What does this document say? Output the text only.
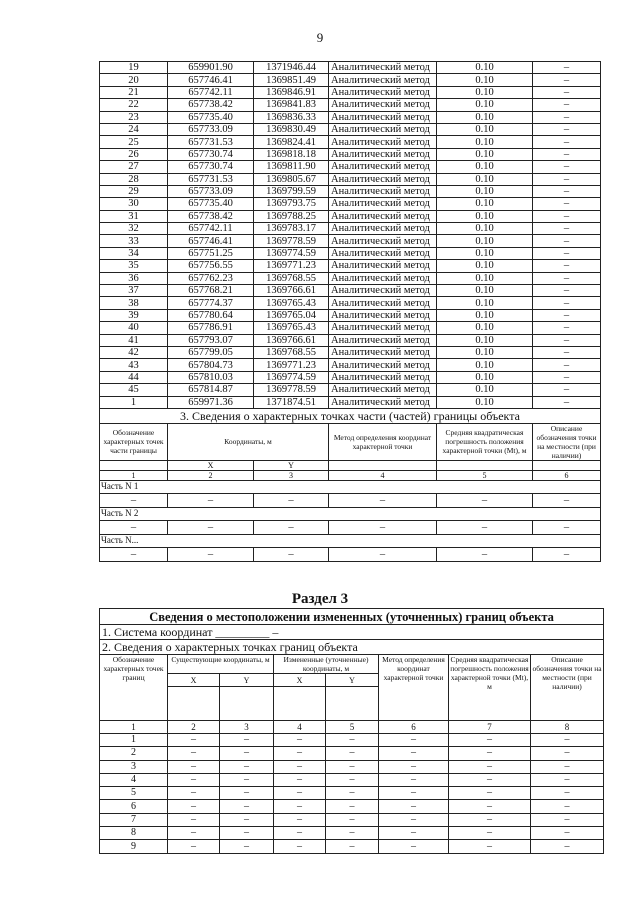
9
19	659901.90	1371946.44	Аналитический метод	0.10	–
20	657746.41	1369851.49	Аналитический метод	0.10	–
21	657742.11	1369846.91	Аналитический метод	0.10	–
22	657738.42	1369841.83	Аналитический метод	0.10	–
23	657735.40	1369836.33	Аналитический метод	0.10	–
24	657733.09	1369830.49	Аналитический метод	0.10	–
25	657731.53	1369824.41	Аналитический метод	0.10	–
26	657730.74	1369818.18	Аналитический метод	0.10	–
27	657730.74	1369811.90	Аналитический метод	0.10	–
28	657731.53	1369805.67	Аналитический метод	0.10	–
29	657733.09	1369799.59	Аналитический метод	0.10	–
30	657735.40	1369793.75	Аналитический метод	0.10	–
31	657738.42	1369788.25	Аналитический метод	0.10	–
32	657742.11	1369783.17	Аналитический метод	0.10	–
33	657746.41	1369778.59	Аналитический метод	0.10	–
34	657751.25	1369774.59	Аналитический метод	0.10	–
35	657756.55	1369771.23	Аналитический метод	0.10	–
36	657762.23	1369768.55	Аналитический метод	0.10	–
37	657768.21	1369766.61	Аналитический метод	0.10	–
38	657774.37	1369765.43	Аналитический метод	0.10	–
39	657780.64	1369765.04	Аналитический метод	0.10	–
40	657786.91	1369765.43	Аналитический метод	0.10	–
41	657793.07	1369766.61	Аналитический метод	0.10	–
42	657799.05	1369768.55	Аналитический метод	0.10	–
43	657804.73	1369771.23	Аналитический метод	0.10	–
44	657810.03	1369774.59	Аналитический метод	0.10	–
45	657814.87	1369778.59	Аналитический метод	0.10	–
1	659971.36	1371874.51	Аналитический метод	0.10	–
3. Сведения о характерных точках части (частей) границы объекта					
Обозначение характерных точек части границы	Координаты, м		Метод определения координат характерной точки	Средняя квадратическая погрешность положения характерной точки (Mt), м	Описание обозначения точки на местности (при наличии)
	X	Y			
1	2	3	4	5	6
Часть N 1					
–	–	–	–	–	–
Часть N 2					
–	–	–	–	–	–
Часть N...					
–	–	–	–	–	–
Раздел 3
Сведения о местоположении измененных (уточненных) границ объекта							
1. Система координат _________ –							
2. Сведения о характерных точках границ объекта							
Обозначение характерных точек границ	Существующие координаты, м		Измененные (уточненные) координаты, м		Метод определения координат характерной точки	Средняя квадратическая погрешность положения характерной точки (Mt), м	Описание обозначения точки на местности (при наличии)
	X	Y	X	Y			

1	2	3	4	5	6	7	8
1	–	–	–	–	–	–	–
2	–	–	–	–	–	–	–
3	–	–	–	–	–	–	–
4	–	–	–	–	–	–	–
5	–	–	–	–	–	–	–
6	–	–	–	–	–	–	–
7	–	–	–	–	–	–	–
8	–	–	–	–	–	–	–
9	–	–	–	–	–	–	–
